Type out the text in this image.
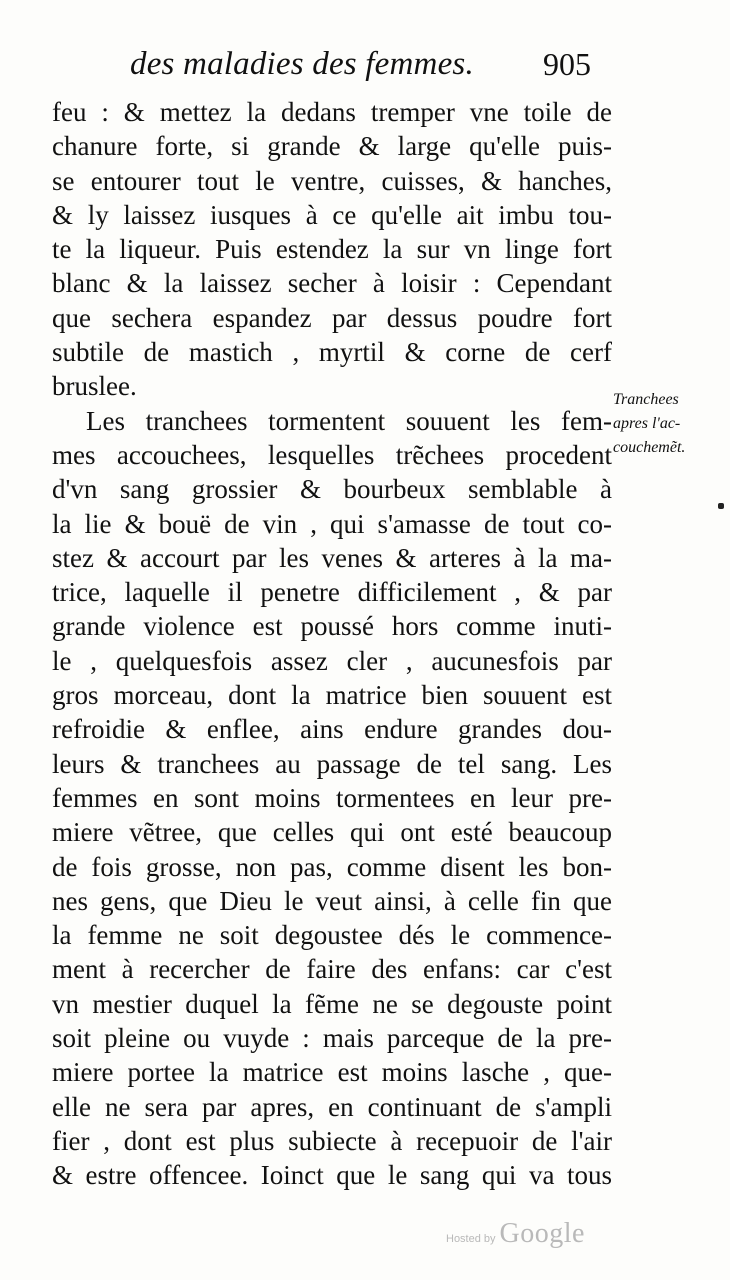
des maladies des femmes. 905
feu : & mettez la dedans tremper vne toile de
chanure forte, si grande & large qu'elle puis-
se entourer tout le ventre, cuisses, & hanches,
& ly laissez iusques à ce qu'elle ait imbu tou-
te la liqueur. Puis estendez la sur vn linge fort
blanc & la laissez secher à loisir : Cependant
que sechera espandez par dessus poudre fort
subtile de mastich , myrtil & corne de cerf
bruslee.
Les tranchees tormentent souuent les fem-
mes accouchees, lesquelles trẽchees procedent
d'vn sang grossier & bourbeux semblable à
la lie & bouë de vin , qui s'amasse de tout co-
stez & accourt par les venes & arteres à la ma-
trice, laquelle il penetre difficilement , & par
grande violence est poussé hors comme inuti-
le , quelquesfois assez cler , aucunesfois par
gros morceau, dont la matrice bien souuent est
refroidie & enflee, ains endure grandes dou-
leurs & tranchees au passage de tel sang. Les
femmes en sont moins tormentees en leur pre-
miere vẽtree, que celles qui ont esté beaucoup
de fois grosse, non pas, comme disent les bon-
nes gens, que Dieu le veut ainsi, à celle fin que
la femme ne soit degoustee dés le commence-
ment à recercher de faire des enfans: car c'est
vn mestier duquel la fẽme ne se degouste point
soit pleine ou vuyde : mais parceque de la pre-
miere portee la matrice est moins lasche , que-
elle ne sera par apres, en continuant de s'ampli
fier , dont est plus subiecte à recepuoir de l'air
& estre offencee. Ioinct que le sang qui va tous
Tranchees
apres l'ac-
couchemẽt.
Hosted by Google
